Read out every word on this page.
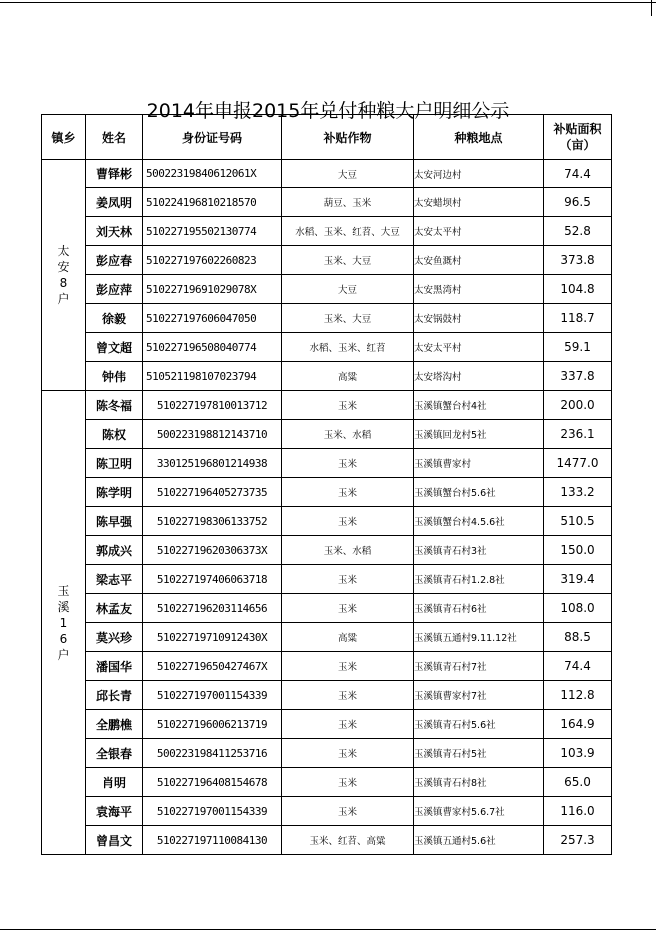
2014年申报2015年兑付种粮大户明细公示
镇乡	姓名	身份证号码	补贴作物	种粮地点	补贴面积（亩）
太安8户	曹铎彬	50022319840612061X	大豆	太安河边村	74.4
	姜凤明	510224196810218570	葫豆、玉米	太安蜡坝村	96.5
	刘天林	510227195502130774	水稻、玉米、红苕、大豆	太安太平村	52.8
	彭应春	510227197602260823	玉米、大豆	太安鱼溉村	373.8
	彭应萍	51022719691029078X	大豆	太安黑湾村	104.8
	徐毅	510227197606047050	玉米、大豆	太安锅鼓村	118.7
	曾文超	510227196508040774	水稻、玉米、红苕	太安太平村	59.1
	钟伟	510521198107023794	高粱	太安塔沟村	337.8
玉溪16户	陈冬福	510227197810013712	玉米	玉溪镇蟹台村4社	200.0
	陈权	500223198812143710	玉米、水稻	玉溪镇回龙村5社	236.1
	陈卫明	330125196801214938	玉米	玉溪镇曹家村	1477.0
	陈学明	510227196405273735	玉米	玉溪镇蟹台村5.6社	133.2
	陈早强	510227198306133752	玉米	玉溪镇蟹台村4.5.6社	510.5
	郭成兴	51022719620306373X	玉米、水稻	玉溪镇青石村3社	150.0
	梁志平	510227197406063718	玉米	玉溪镇青石村1.2.8社	319.4
	林孟友	510227196203114656	玉米	玉溪镇青石村6社	108.0
	莫兴珍	51022719710912430X	高粱	玉溪镇五通村9.11.12社	88.5
	潘国华	51022719650427467X	玉米	玉溪镇青石村7社	74.4
	邱长青	510227197001154339	玉米	玉溪镇曹家村7社	112.8
	全鹏樵	510227196006213719	玉米	玉溪镇青石村5.6社	164.9
	全银春	500223198411253716	玉米	玉溪镇青石村5社	103.9
	肖明	510227196408154678	玉米	玉溪镇青石村8社	65.0
	袁海平	510227197001154339	玉米	玉溪镇曹家村5.6.7社	116.0
	曾昌文	510227197110084130	玉米、红苕、高粱	玉溪镇五通村5.6社	257.3
